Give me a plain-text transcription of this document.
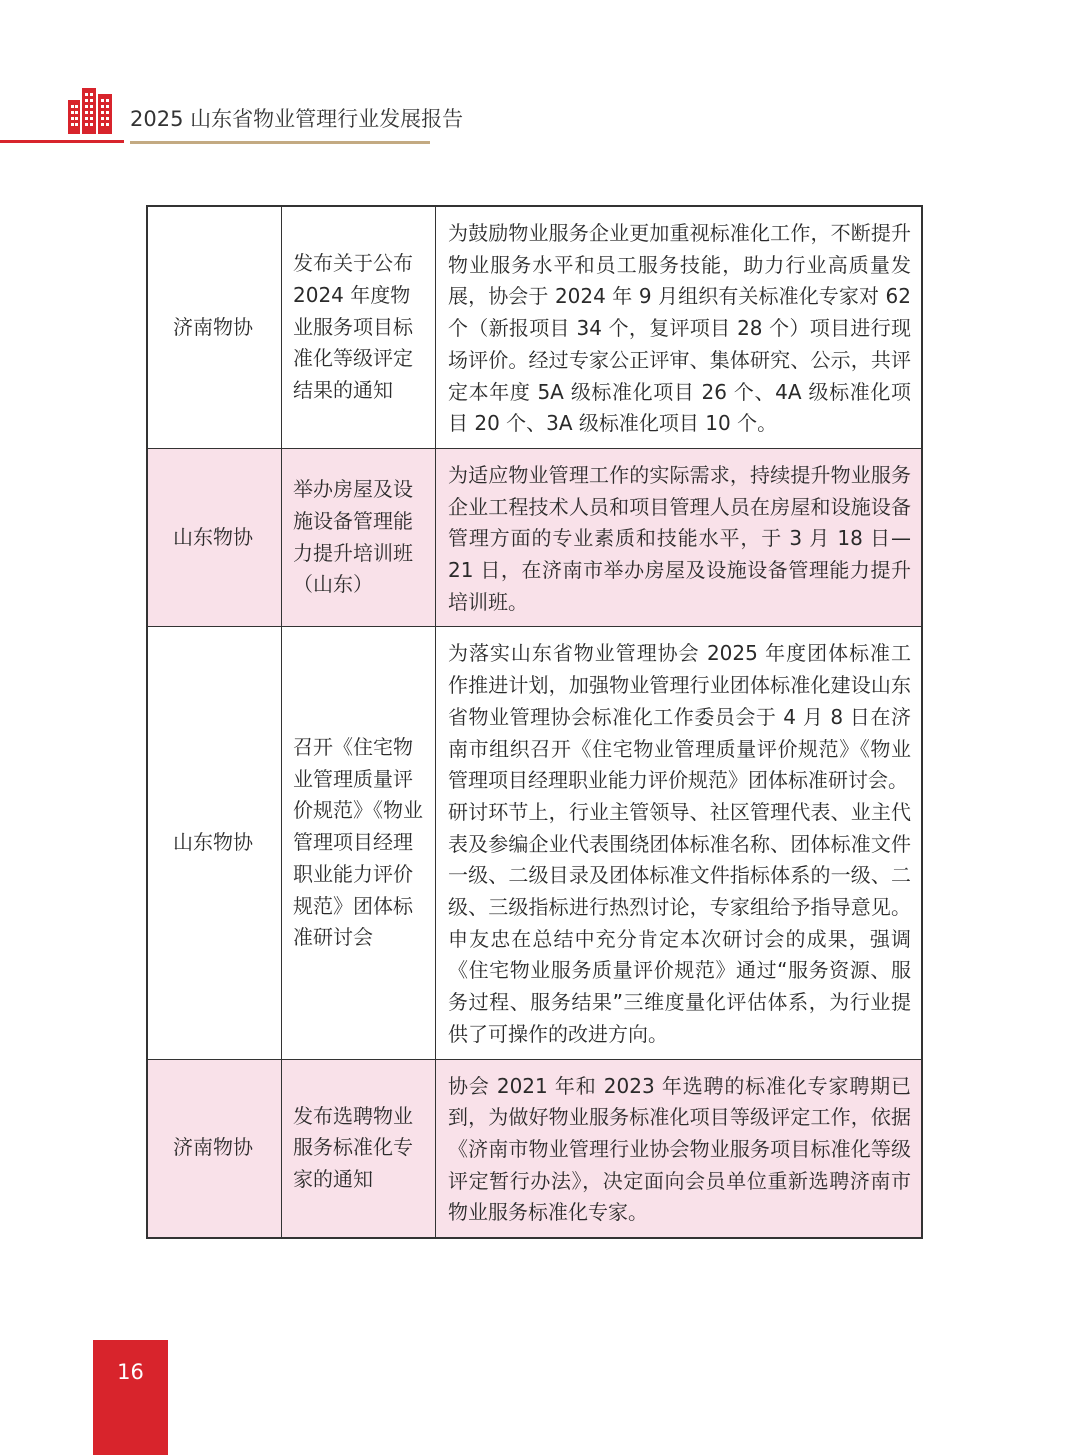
2025 山东省物业管理行业发展报告
济南物协
发布关于公布 2024 年度物业服务项目标准化等级评定结果的通知

为鼓励物业服务企业更加重视标准化工作，不断提升物业服务水平和员工服务技能，助力行业高质量发展，协会于 2024 年 9 月组织有关标准化专家对 62 个（新报项目 34 个，复评项目 28 个）项目进行现场评价。经过专家公正评审、集体研究、公示，共评定本年度 5A 级标准化项目 26 个、4A 级标准化项目 20 个、3A 级标准化项目 10 个。

山东物协
举办房屋及设施设备管理能力提升培训班（山东）

为适应物业管理工作的实际需求，持续提升物业服务企业工程技术人员和项目管理人员在房屋和设施设备管理方面的专业素质和技能水平，于 3 月 18 日—21 日，在济南市举办房屋及设施设备管理能力提升培训班。

山东物协
召开《住宅物业管理质量评价规范》《物业管理项目经理职业能力评价规范》团体标准研讨会

为落实山东省物业管理协会 2025 年度团体标准工作推进计划，加强物业管理行业团体标准化建设山东省物业管理协会标准化工作委员会于 4 月 8 日在济南市组织召开《住宅物业管理质量评价规范》《物业管理项目经理职业能力评价规范》团体标准研讨会。

研讨环节上，行业主管领导、社区管理代表、业主代表及参编企业代表围绕团体标准名称、团体标准文件一级、二级目录及团体标准文件指标体系的一级、二级、三级指标进行热烈讨论，专家组给予指导意见。申友忠在总结中充分肯定本次研讨会的成果，强调《住宅物业服务质量评价规范》通过“服务资源、服务过程、服务结果”三维度量化评估体系，为行业提供了可操作的改进方向。

济南物协
发布选聘物业服务标准化专家的通知

协会 2021 年和 2023 年选聘的标准化专家聘期已到，为做好物业服务标准化项目等级评定工作，依据《济南市物业管理行业协会物业服务项目标准化等级评定暂行办法》，决定面向会员单位重新选聘济南市物业服务标准化专家。

16
